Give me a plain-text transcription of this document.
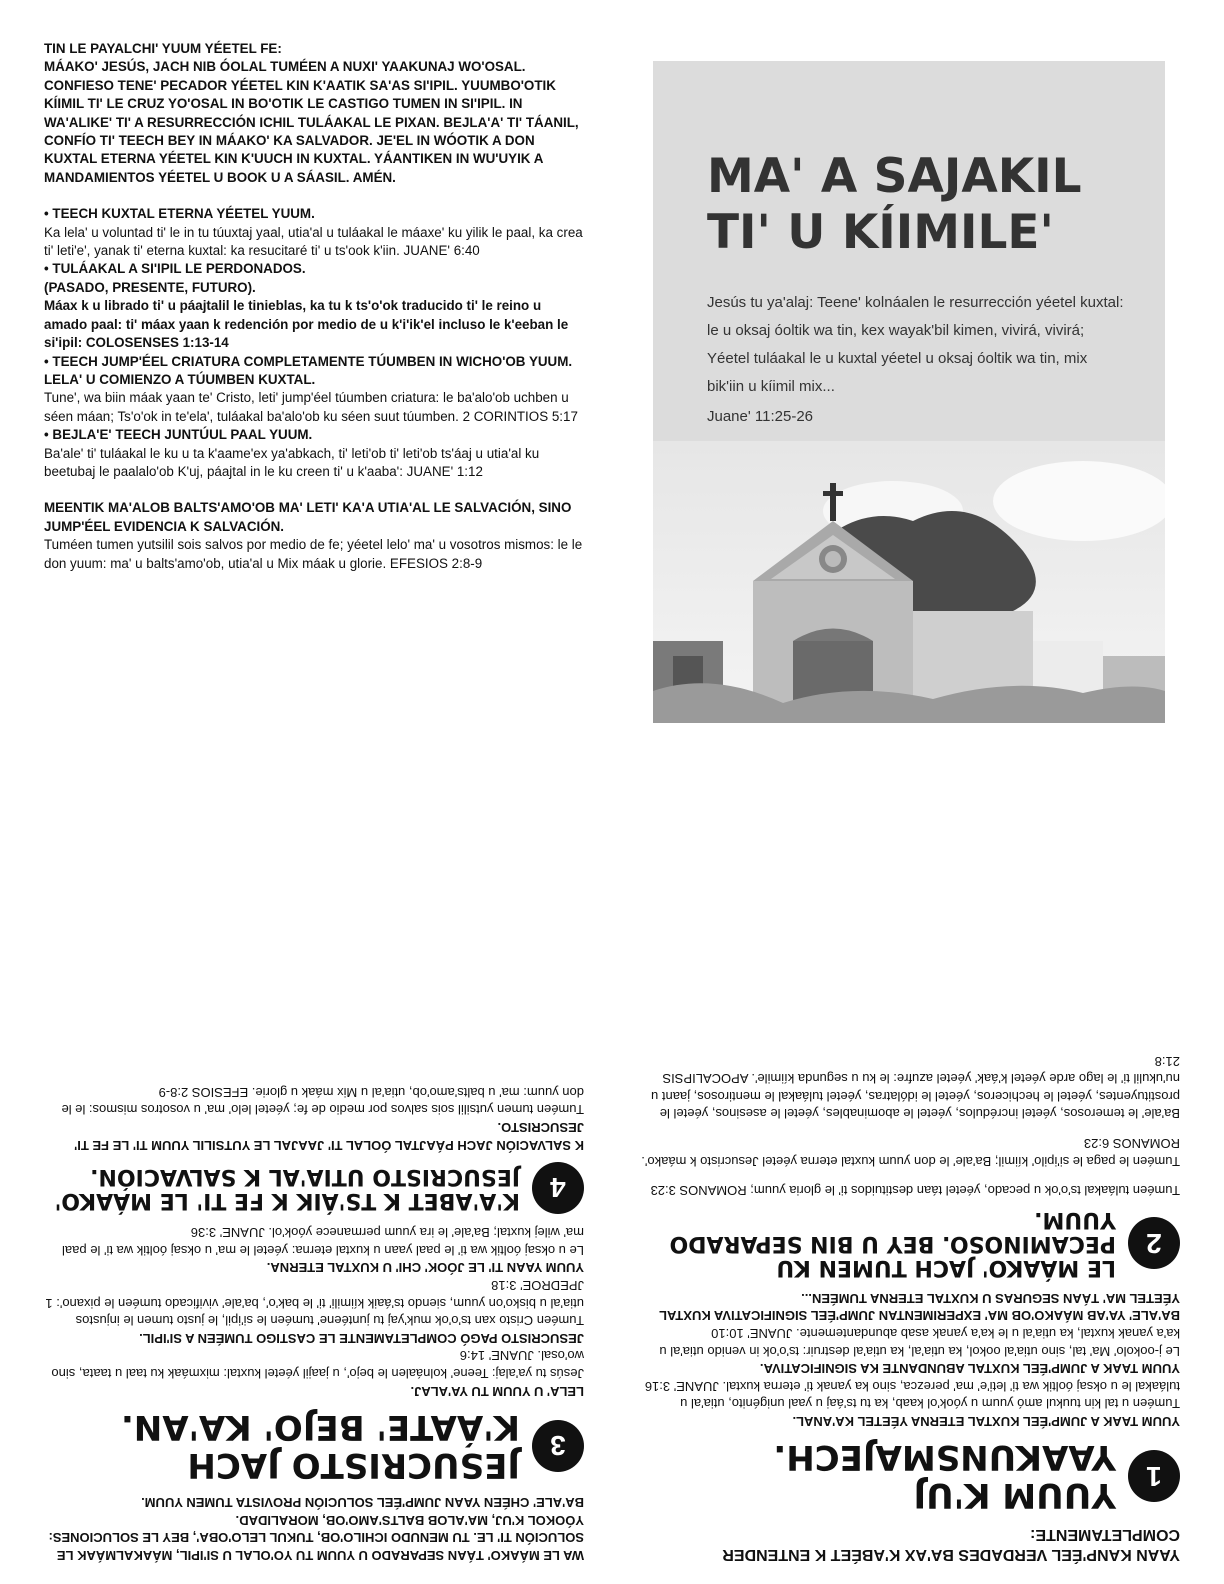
TIN LE PAYALCHI' YUUM YÉETEL FE:

MÁAKO' JESÚS, JACH NIB ÓOLAL TUMÉEN A NUXI' YAAKUNAJ WO'OSAL. CONFIESO TENE' PECADOR YÉETEL KIN K'AATIK SA'AS SI'IPIL. YUUMBO'OTIK KÍIMIL TI' LE CRUZ YO'OSAL IN BO'OTIK LE CASTIGO TUMEN IN SI'IPIL. IN WA'ALIKE' TI' A RESURRECCIÓN ICHIL TULÁAKAL LE PIXAN. BEJLA'A' TI' TÁANIL, CONFÍO TI' TEECH BEY IN MÁAKO' KA SALVADOR. JE'EL IN WÓOTIK A DON KUXTAL ETERNA YÉETEL KIN K'UUCH IN KUXTAL. YÁANTIKEN IN WU'UYIK A MANDAMIENTOS YÉETEL U BOOK U A SÁASIL. AMÉN.

• TEECH KUXTAL ETERNA YÉETEL YUUM.

Ka lela' u voluntad ti' le in tu túuxtaj yaal, utia'al u tuláakal le máaxe' ku yilik le paal, ka crea ti' leti'e', yanak ti' eterna kuxtal: ka resucitaré ti' u ts'ook k'iin. JUANE' 6:40

• TULÁAKAL A SI'IPIL LE PERDONADOS.

(PASADO, PRESENTE, FUTURO).
Máax k u librado ti' u páajtalil le tinieblas, ka tu k ts'o'ok traducido ti' le reino u amado paal: ti' máax yaan k redención por medio de u k'i'ik'el incluso le k'eeban le si'ipil: COLOSENSES 1:13-14

• TEECH JUMP'ÉEL CRIATURA COMPLETAMENTE TÚUMBEN IN WICHO'OB YUUM. LELA' U COMIENZO A TÚUMBEN KUXTAL.

Tune', wa biin máak yaan te' Cristo, leti' jump'éel túumben criatura: le ba'alo'ob uchben u séen máan; Ts'o'ok in te'ela', tuláakal ba'alo'ob ku séen suut túumben. 2 CORINTIOS 5:17

• BEJLA'E' TEECH JUNTÚUL PAAL YUUM.

Ba'ale' ti' tuláakal le ku u ta k'aame'ex ya'abkach, ti' leti'ob ti' leti'ob ts'áaj u utia'al ku beetubaj le paalalo'ob K'uj, páajtal in le ku creen ti' u k'aaba': JUANE' 1:12

MEENTIK MA'ALOB BALTS'AMO'OB MA' LETI' KA'A UTIA'AL LE SALVACIÓN, SINO JUMP'ÉEL EVIDENCIA K SALVACIÓN.

Tuméen tumen yutsilil sois salvos por medio de fe; yéetel lelo' ma' u vosotros mismos: le le don yuum: ma' u balts'amo'ob, utia'al u Mix máak u glorie. EFESIOS 2:8-9

MA' A SAJAKIL TI' U KÍIMILE'
Jesús tu ya'alaj: Teene' kolnáalen le resurrección yéetel kuxtal: le u oksaj óoltik wa tin, kex wayak'bil kimen, vivirá, vivirá; Yéetel tuláakal le u kuxtal yéetel u oksaj óoltik wa tin, mix bik'iin u kíimil mix...
Juane' 11:25-26

YAAN KANP'ÉEL VERDADES BA'AX K'ABÉET K ENTENDER COMPLETAMENTE:

1
YUUM K'UJ YAAKUNSMAJECH.

YUUM TAAK A JUMP'ÉEL KUXTAL ETERNA YÉETEL KA'ANAL.

Tuméen u tal kin tuukul amó yuum u yóok'ol kaab, ka tu ts'áaj u yaal unigénito, utia'al u tuláakal le u oksaj óoltik wa ti' leti'e' ma' perezca, sino ka yanak ti' eterna kuxtal. JUANE' 3:16

YUUM TAAK A JUMP'ÉEL KUXTAL ABUNDANTE KA SIGNIFICATIVA.

Le j-ookolo' Ma' tal, sino utia'al ookol, ka utia'al, ka utia'al destruir: ts'o'ok in venido utia'al u ka'a yanak kuxtal, ka utia'al u le ka'a yanak asab abundantemente. JUANE' 10:10

BA'ALE' YA'AB MÁAKO'OB MA' EXPERIMENTAN JUMP'ÉEL SIGNIFICATIVA KUXTAL YÉETEL MA' TÁAN SEGURAS U KUXTAL ETERNA TUMÉEN...

2
LE MÁAKO' JACH TUMEN KU PECAMINOSO. BEY U BIN SEPARADO YUUM.

Tuméen tuláakal ts'o'ok u pecado, yéetel táan destituidos ti' le gloria yuum; ROMANOS 3:23

Tuméen le paga le si'ipilo' kíimil; Ba'ale' le don yuum kuxtal eterna yéetel Jesucristo k máako'. ROMANOS 6:23

Ba'ale' le temerosos, yéetel incrédulos, yéetel le abominables, yéetel le asesinos, yéetel le prostituyentes, yéetel le hechiceros, yéetel le idólatras, yéetel tuláakal le mentirosos, jaant u nu'ukulil ti' le lago arde yéetel k'áak' yéetel azufre: le ku u segunda kíimile'. APOCALIPSIS 21:8

WA LE MÁAKO' TÁAN SEPARADO U YUUM TU YO'OLAL U SI'IPIL, MÁAKALMÁAK LE SOLUCIÓN TI' LE. TU MENUDO ICHILO'OB, TUKUL LELO'OBA', BEY LE SOLUCIONES: YÓOKOL K'UJ, MA'ALOB BALTS'AMO'OB, MORALIDAD.

BA'ALE' CHÉEN YAAN JUMP'ÉEL SOLUCIÓN PROVISTA TUMEN YUUM.

3
JESUCRISTO JACH K'ÁATE' BEJO' KA'AN.

LELA' U YUUM TU YA'ALAJ.

Jesús tu ya'alaj: Teene' kolnáalen le bejo', u jaajil yéetel kuxtal: mixmáak ku taal u taata, sino wo'osal. JUANE' 14:6

JESUCRISTO PAGÓ COMPLETAMENTE LE CASTIGO TUMÉEN A SI'IPIL.

Tuméen Cristo xan ts'o'ok muk'yaj tu juntéene' tuméen le si'ipil, le justo tumen le injustos utia'al u bisko'on yuum, siendo ts'áaik kíimili' ti' le bak'o', ba'ale' vivificado tuméen le pixano': 1 JPEDROE' 3:18

YUUM YAAN TI' LE JÓOK' CHI' U KUXTAL ETERNA.

Le u oksaj óoltik wa ti' le paal yaan u kuxtal eterna: yéetel le ma' u oksaj óoltik wa ti' le paal ma' wilej kuxtal; Ba'ale' le ira yuum permanece yóok'ol. JUANE' 3:36

4
K'A'ABET K TS'ÁIK K FE TI' LE MÁAKO' JESUCRISTO UTIA'AL K SALVACIÓN.

K SALVACIÓN JACH PÁAJTAL ÓOLAL TI' JAAJAL LE YUTSILIL YUUM TI' LE FE TI' JESUCRISTO.

Tuméen tumen yutsilil sois salvos por medio de fe; yéetel lelo' ma' u vosotros mismos: le le don yuum: ma' u balts'amo'ob, utia'al u Mix máak u glorie. EFESIOS 2:8-9
